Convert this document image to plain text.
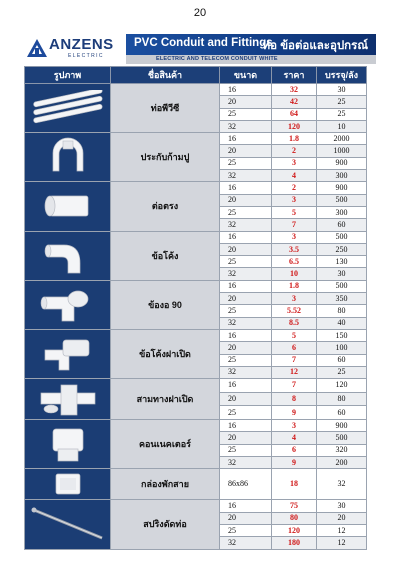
20
ANZENS
ELECTRIC
PVC Conduit and Fittings
ท่อ ข้อต่อและอุปกรณ์
ELECTRIC AND TELECOM CONDUIT WHITE
รูปภาพ	ชื่อสินค้า	ขนาด	ราคา	บรรจุ/ลัง

	ท่อพีวีซี	16	32	30
		20	42	25
		25	64	25
		32	120	10

	ประกับก้ามปู	16	1.8	2000
		20	2	1000
		25	3	900
		32	4	300

	ต่อตรง	16	2	900
		20	3	500
		25	5	300
		32	7	60

	ข้อโค้ง	16	3	500
		20	3.5	250
		25	6.5	130
		32	10	30

	ข้องอ 90	16	1.8	500
		20	3	350
		25	5.52	80
		32	8.5	40

	ข้อโค้งฝาเปิด	16	5	150
		20	6	100
		25	7	60
		32	12	25

	สามทางฝาเปิด	16	7	120
		20	8	80
		25	9	60

	คอนเนคเตอร์	16	3	900
		20	4	500
		25	6	320
		32	9	200

	กล่องพักสาย	86x86	18	32

	สปริงดัดท่อ	16	75	30
		20	80	20
		25	120	12
		32	180	12
